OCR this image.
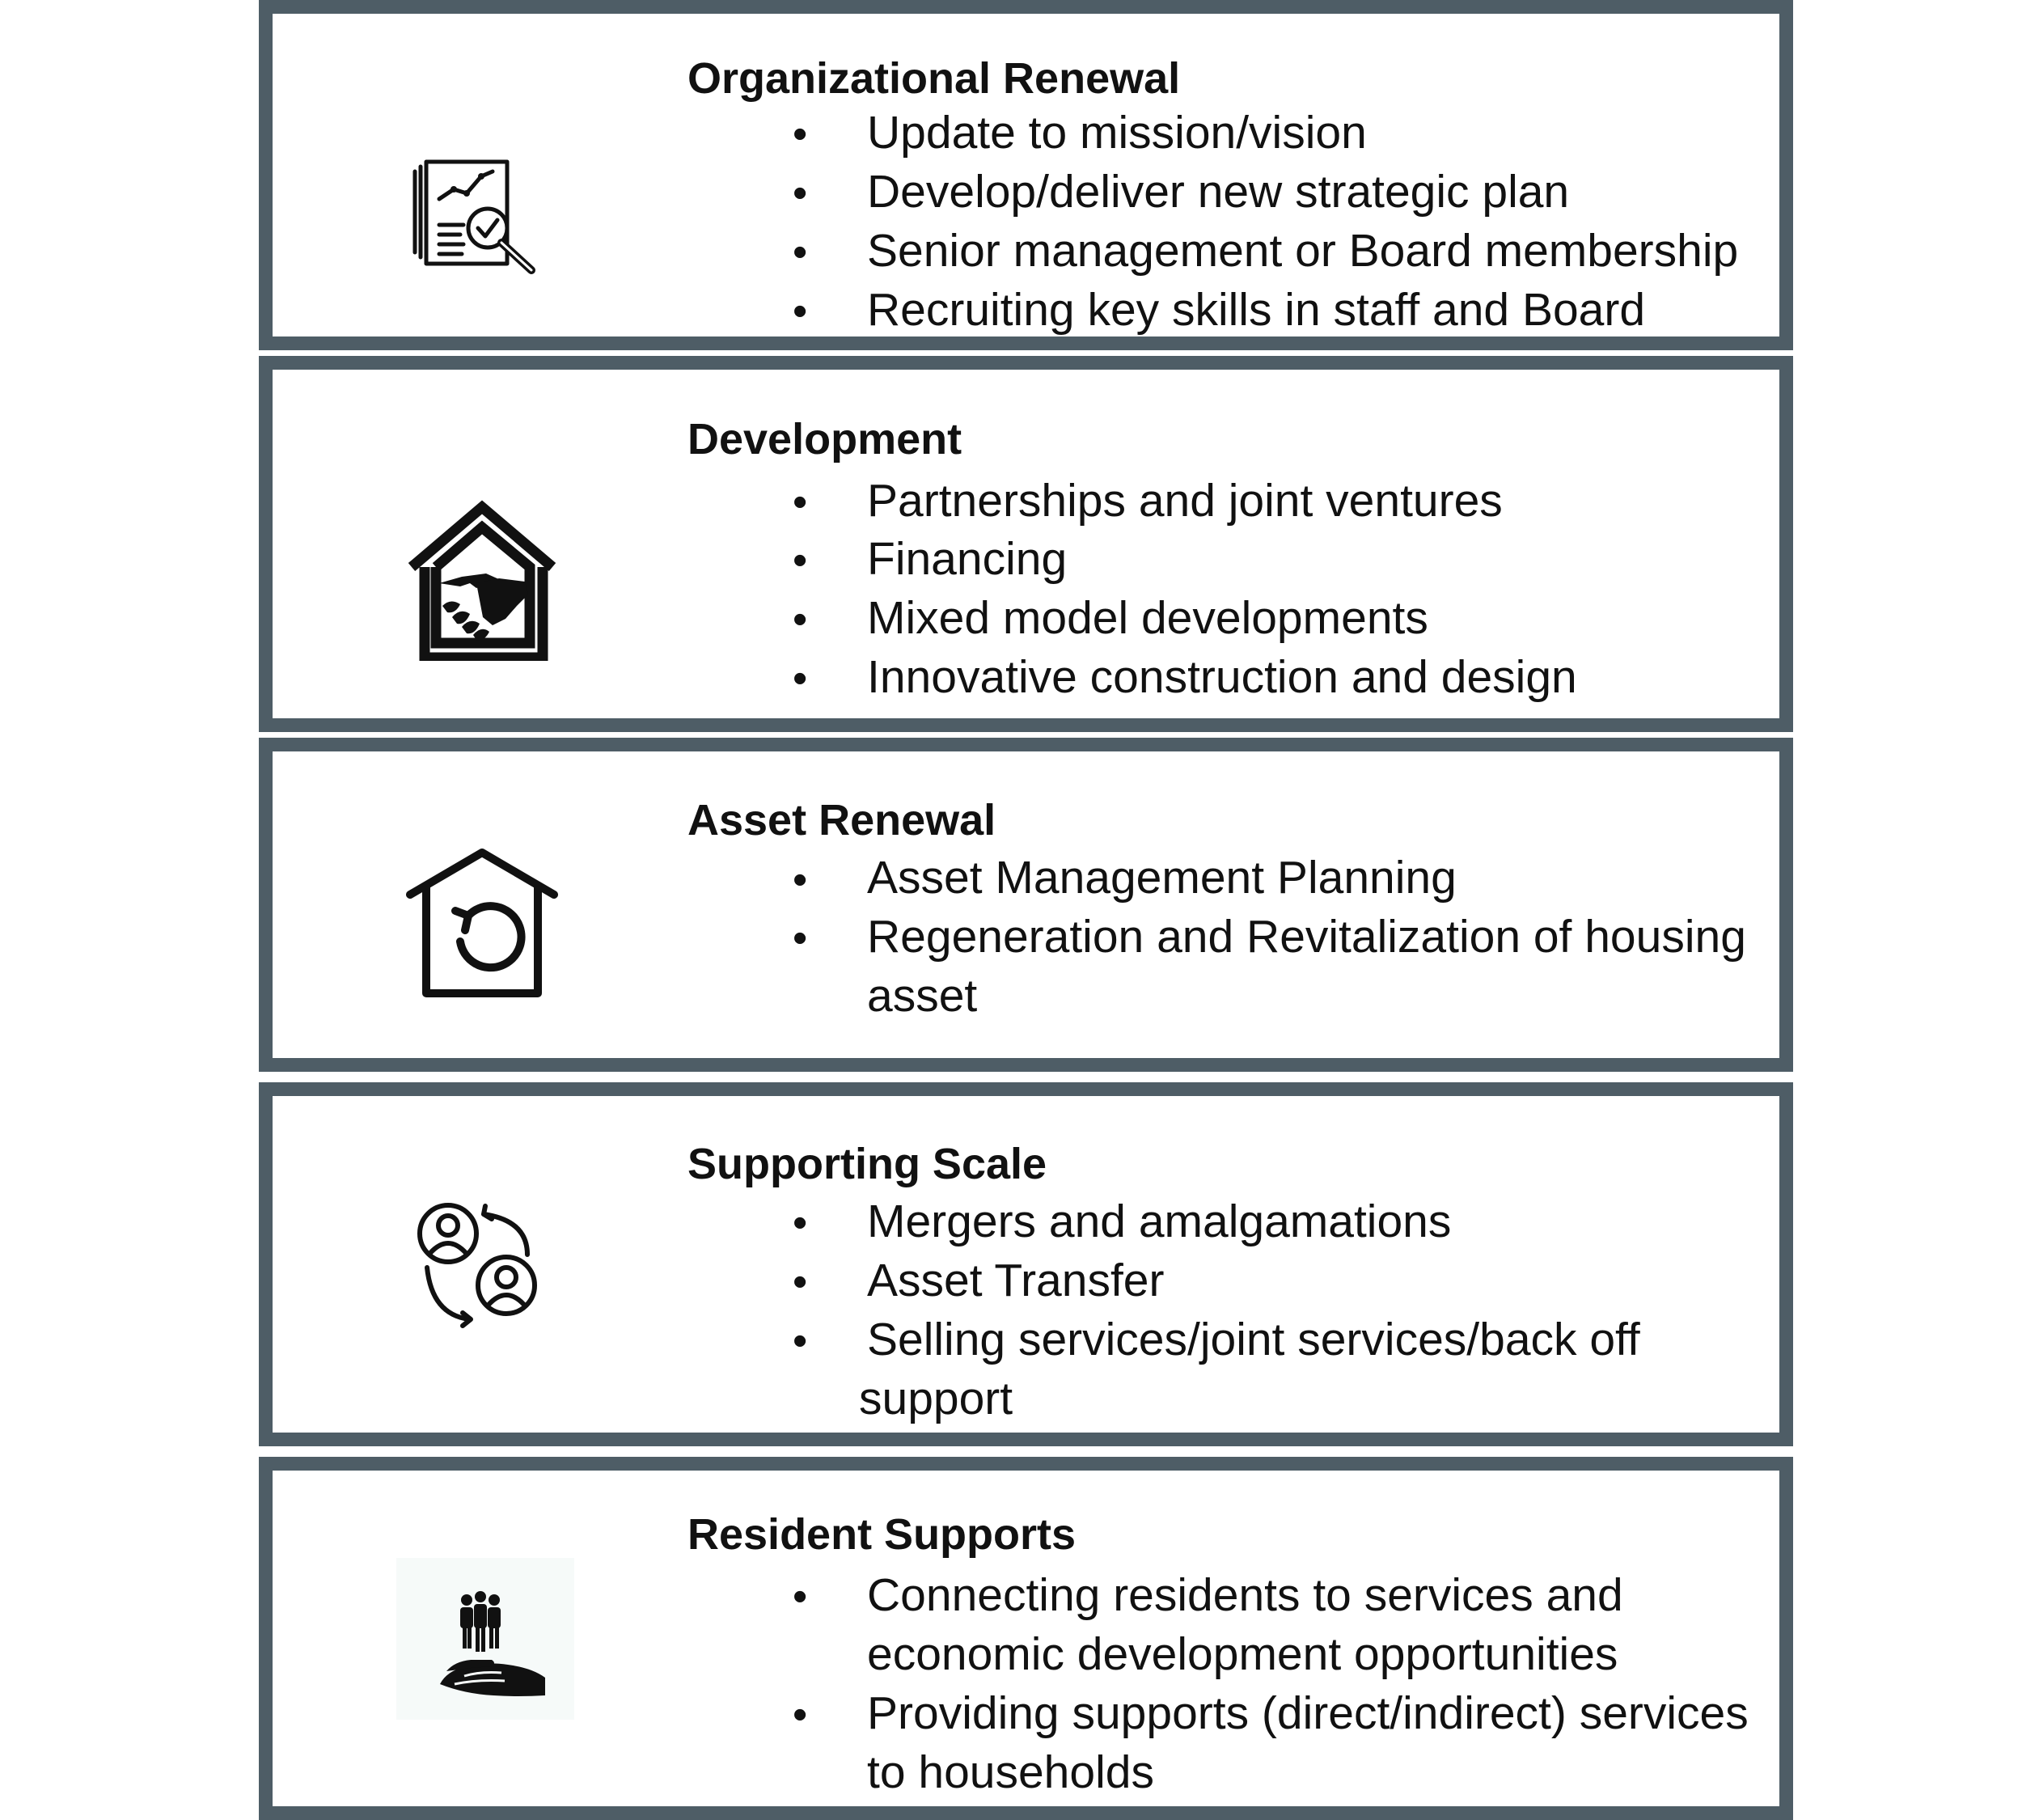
Organizational Renewal
• Update to mission/vision

• Develop/deliver new strategic plan

• Senior management or Board membership

• Recruiting key skills in staff and Board

Development
• Partnerships and joint ventures

• Financing

• Mixed model developments

• Innovative construction and design

Asset Renewal
• Asset Management Planning

• Regeneration and Revitalization of housing

asset

Supporting Scale
• Mergers and amalgamations

• Asset Transfer

• Selling services/joint services/back off

support

Resident Supports
• Connecting residents to services and

economic development opportunities

• Providing supports (direct/indirect) services

to households
